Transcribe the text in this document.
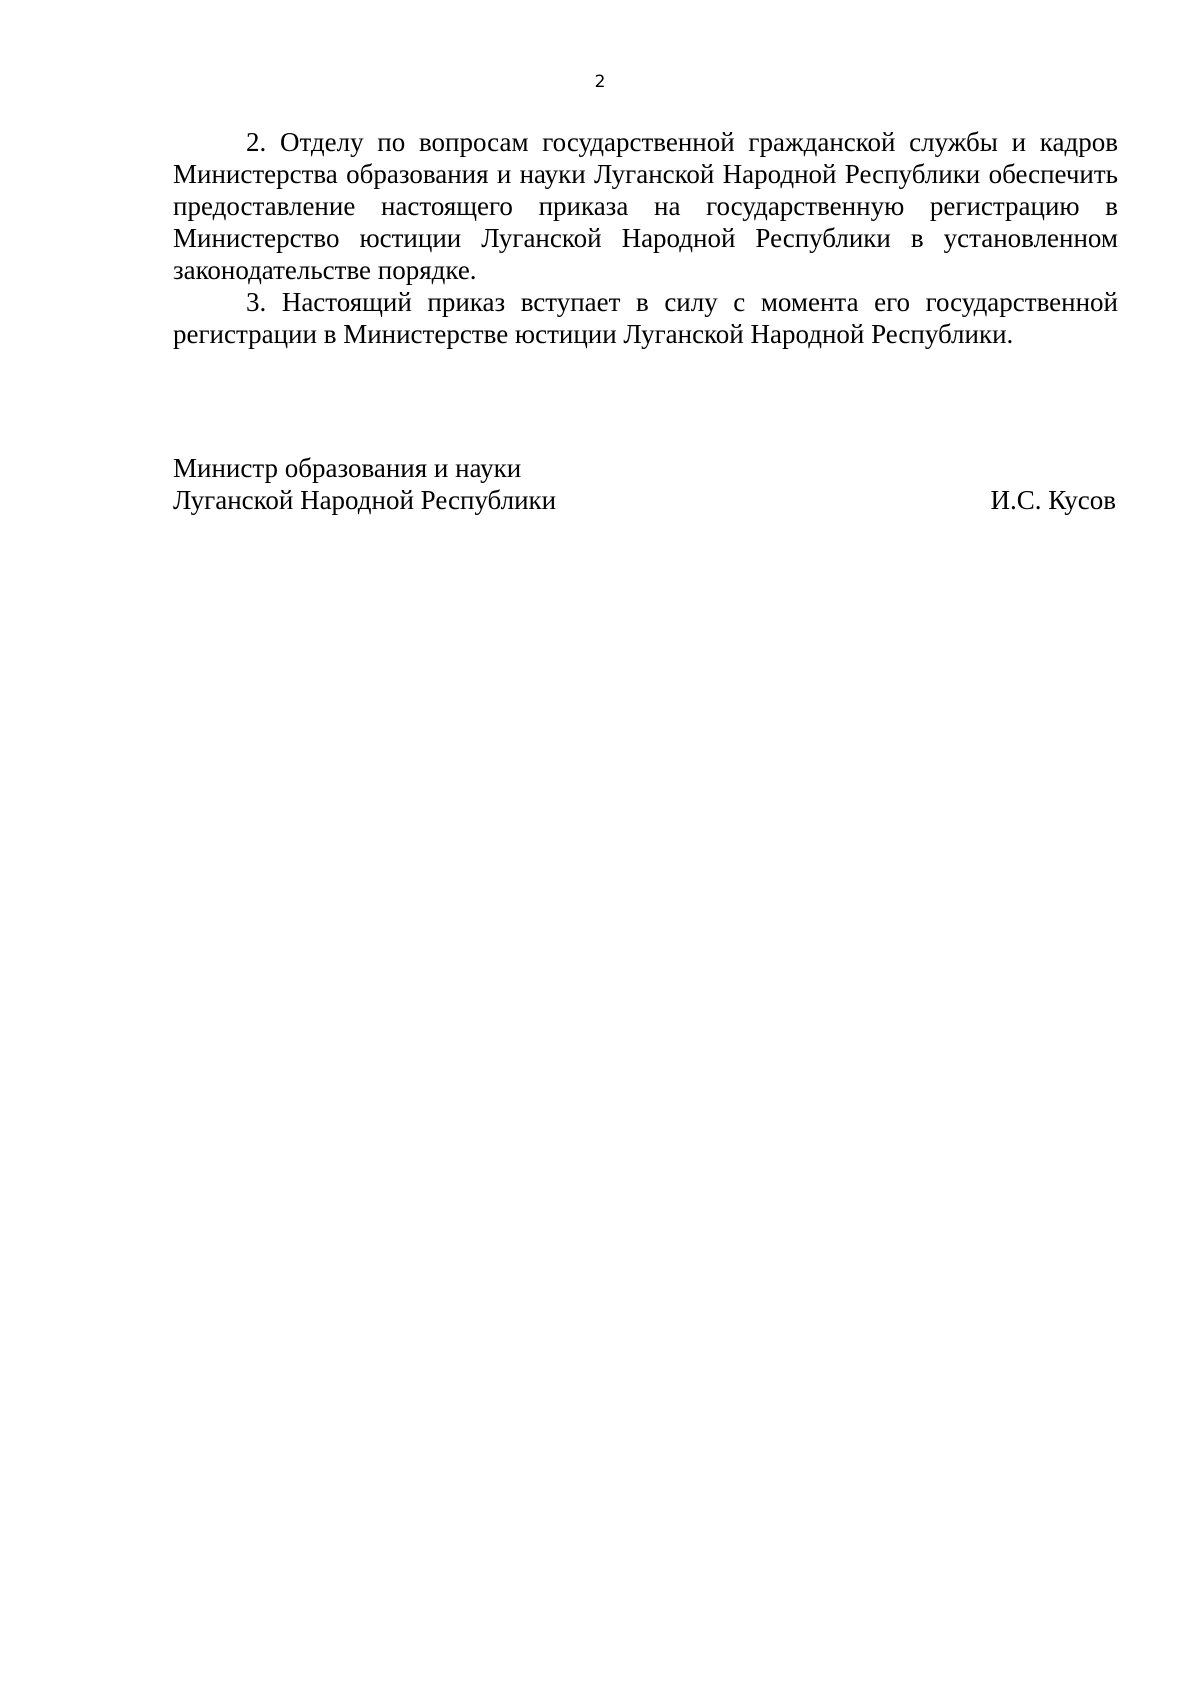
2

2. Отделу по вопросам государственной гражданской службы и кадров Министерства образования и науки Луганской Народной Республики обеспечить предоставление настоящего приказа на государственную регистрацию в Министерство юстиции Луганской Народной Республики в установленном законодательстве порядке.

3. Настоящий приказ вступает в силу с момента его государственной регистрации в Министерстве юстиции Луганской Народной Республики.

Министр образования и науки
Луганской Народной Республики	И.С. Кусов
